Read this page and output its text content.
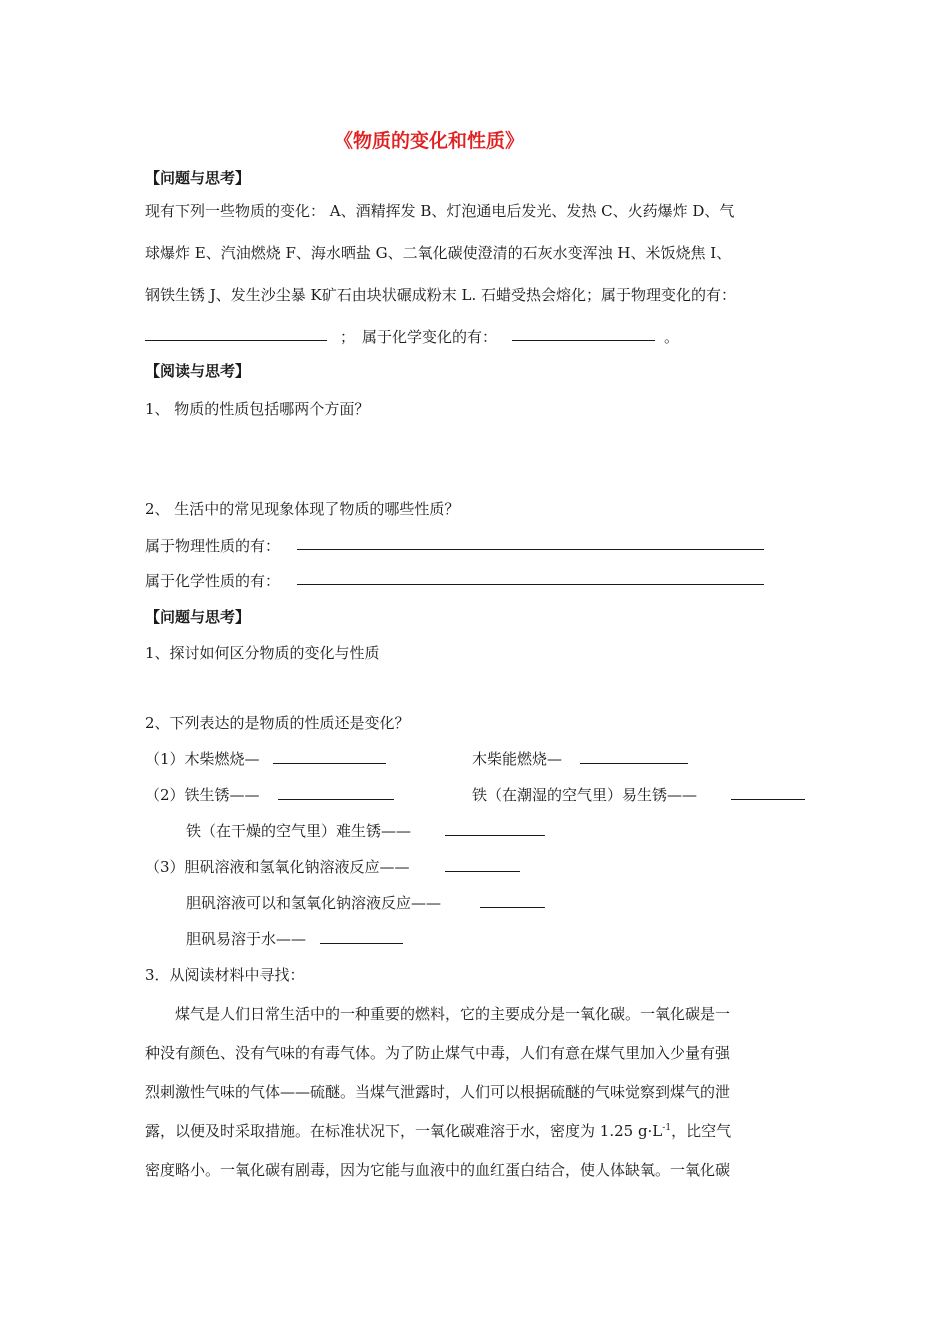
《物质的变化和性质》
【问题与思考】
现有下列一些物质的变化： A、酒精挥发 B、灯泡通电后发光、发热 C、火药爆炸 D、气
球爆炸 E、汽油燃烧 F、海水晒盐 G、二氧化碳使澄清的石灰水变浑浊 H、米饭烧焦 I、
钢铁生锈 J、发生沙尘暴 K矿石由块状碾成粉末 L. 石蜡受热会熔化；属于物理变化的有：
； 属于化学变化的有：	。
【阅读与思考】
1、 物质的性质包括哪两个方面？
2、 生活中的常见现象体现了物质的哪些性质？
属于物理性质的有：
属于化学性质的有：
【问题与思考】
1、探讨如何区分物质的变化与性质
2、下列表达的是物质的性质还是变化？
（1）木柴燃烧—	木柴能燃烧—
（2）铁生锈——	铁（在潮湿的空气里）易生锈——
铁（在干燥的空气里）难生锈——
（3）胆矾溶液和氢氧化钠溶液反应——
胆矾溶液可以和氢氧化钠溶液反应——
胆矾易溶于水——
3．从阅读材料中寻找：
煤气是人们日常生活中的一种重要的燃料，它的主要成分是一氧化碳。一氧化碳是一
种没有颜色、没有气味的有毒气体。为了防止煤气中毒，人们有意在煤气里加入少量有强
烈刺激性气味的气体——硫醚。当煤气泄露时，人们可以根据硫醚的气味觉察到煤气的泄
露，以便及时采取措施。在标准状况下，一氧化碳难溶于水，密度为 1.25 $g\cdot L^{-1}$，比空气
密度略小。一氧化碳有剧毒，因为它能与血液中的血红蛋白结合，使人体缺氧。一氧化碳
